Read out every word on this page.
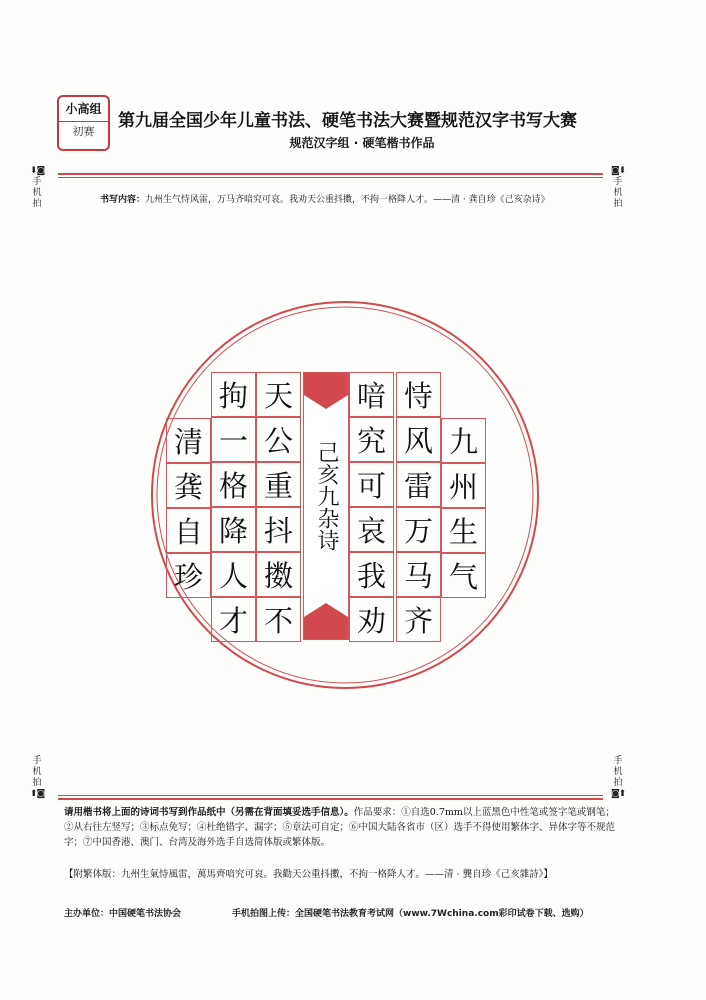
小高组
初赛
第九届全国少年儿童书法、硬笔书法大赛暨规范汉字书写大赛
规范汉字组 · 硬笔楷书作品
⬇◙
手机拍
◙⬇
手机拍
书写内容：九州生气恃风雷，万马齐喑究可哀。我劝天公重抖擞，不拘一格降人才。——清 · 龚自珍《己亥杂诗》

己亥九杂诗	九
州
生
气
恃
风
雷
万
马
齐
喑
究
可
哀
我
劝
天
公
重
抖
擞
不
拘
一
格
降
人
才
清
龚
自
珍
手机拍
⬆◙
手机拍
◙⬆
请用楷书将上面的诗词书写到作品纸中（另需在背面填妥选手信息）。作品要求：①自选0.7mm以上蓝黑色中性笔或签字笔或钢笔；②从右往左竖写；③标点免写；④杜绝错字、漏字；⑤章法可自定；⑥中国大陆各省市（区）选手不得使用繁体字、异体字等不规范字；⑦中国香港、澳门、台湾及海外选手自选简体版或繁体版。
【附繁体版：九州生氣恃風雷，萬馬齊喑究可哀。我勸天公重抖擻，不拘一格降人才。——清 · 龔自珍《己亥雜詩》】
主办单位：中国硬笔书法协会	手机拍图上传：全国硬笔书法教育考试网（www.7Wchina.com彩印试卷下载、选购）
